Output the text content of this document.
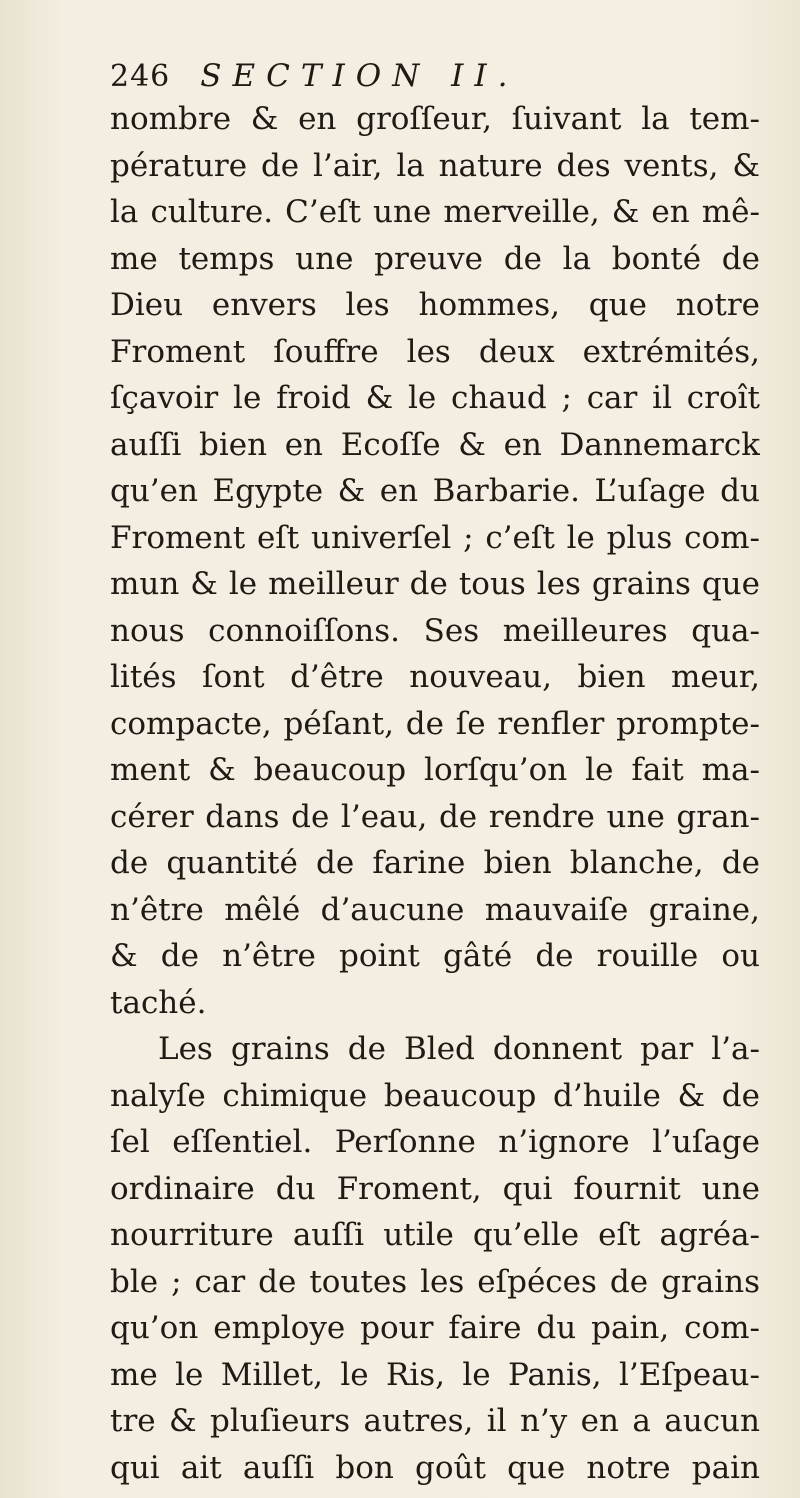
246 SECTION II.
nombre & en groſſeur, ſuivant la tem-
pérature de l’air, la nature des vents, &
la culture. C’eſt une merveille, & en mê-
me temps une preuve de la bonté de
Dieu envers les hommes, que notre
Froment ſouffre les deux extrémités,
ſçavoir le froid & le chaud ; car il croît
auſſi bien en Ecoſſe & en Dannemarck
qu’en Egypte & en Barbarie. L’uſage du
Froment eſt univerſel ; c’eſt le plus com-
mun & le meilleur de tous les grains que
nous connoiſſons. Ses meilleures qua-
lités ſont d’être nouveau, bien meur,
compacte, péſant, de ſe renfler prompte-
ment & beaucoup lorſqu’on le fait ma-
cérer dans de l’eau, de rendre une gran-
de quantité de farine bien blanche, de
n’être mêlé d’aucune mauvaiſe graine,
& de n’être point gâté de rouille ou
taché.
Les grains de Bled donnent par l’a-
nalyſe chimique beaucoup d’huile & de
ſel eſſentiel. Perſonne n’ignore l’uſage
ordinaire du Froment, qui fournit une
nourriture auſſi utile qu’elle eſt agréa-
ble ; car de toutes les eſpéces de grains
qu’on employe pour faire du pain, com-
me le Millet, le Ris, le Panis, l’Eſpeau-
tre & pluſieurs autres, il n’y en a aucun
qui ait auſſi bon goût que notre pain
